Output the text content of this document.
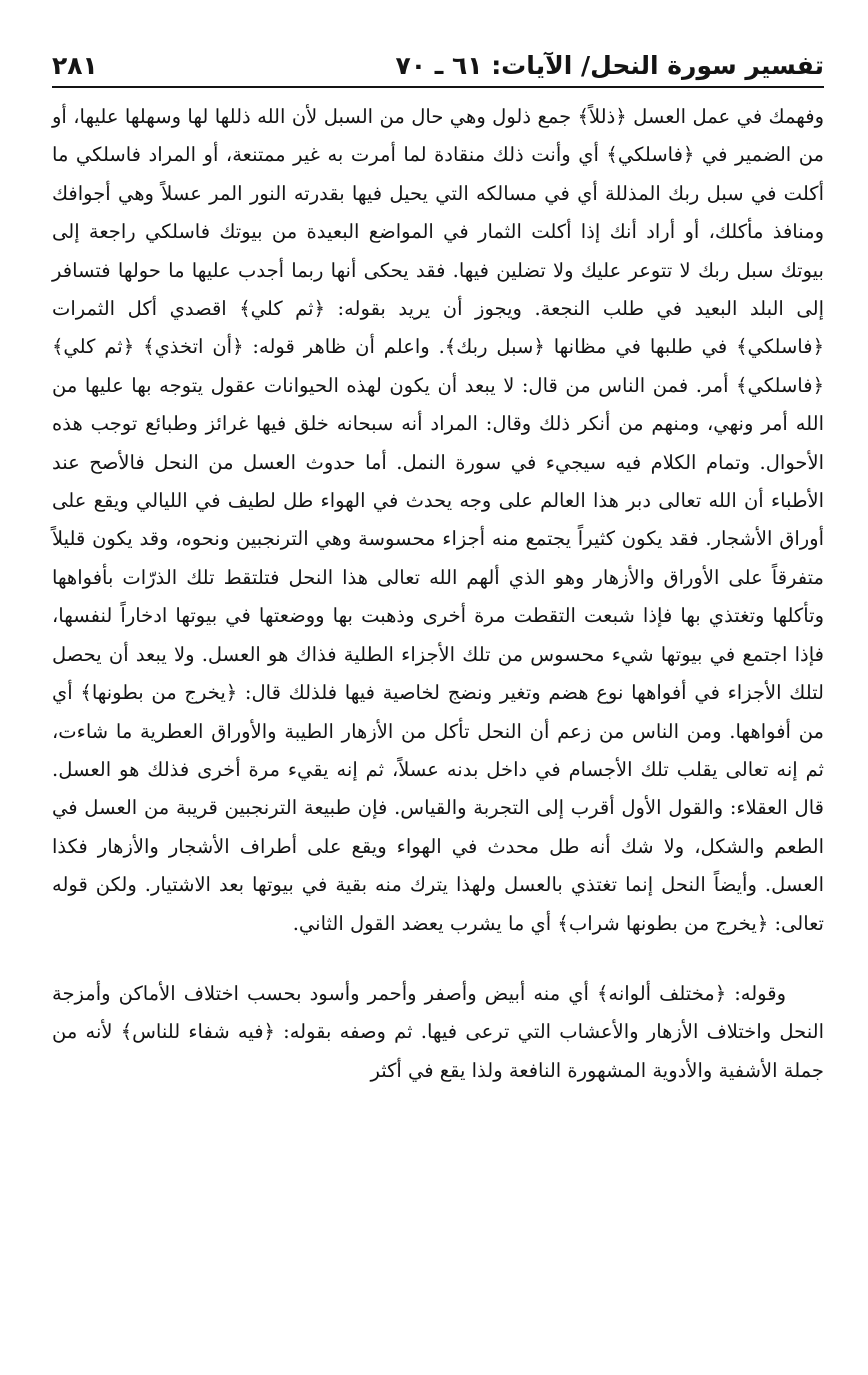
تفسير سورة النحل/ الآيات: ٦١ ـ ٧٠
٢٨١

وفهمك في عمل العسل ﴿ذللاً﴾ جمع ذلول وهي حال من السبل لأن الله ذللها لها وسهلها عليها، أو من الضمير في ﴿فاسلكي﴾ أي وأنت ذلك منقادة لما أمرت به غير ممتنعة، أو المراد فاسلكي ما أكلت في سبل ربك المذللة أي في مسالكه التي يحيل فيها بقدرته النور المر عسلاً وهي أجوافك ومنافذ مأكلك، أو أراد أنك إذا أكلت الثمار في المواضع البعيدة من بيوتك فاسلكي راجعة إلى بيوتك سبل ربك لا تتوعر عليك ولا تضلين فيها. فقد يحكى أنها ربما أجدب عليها ما حولها فتسافر إلى البلد البعيد في طلب النجعة. ويجوز أن يريد بقوله: ﴿ثم كلي﴾ اقصدي أكل الثمرات ﴿فاسلكي﴾ في طلبها في مظانها ﴿سبل ربك﴾. واعلم أن ظاهر قوله: ﴿أن اتخذي﴾ ﴿ثم كلي﴾ ﴿فاسلكي﴾ أمر. فمن الناس من قال: لا يبعد أن يكون لهذه الحيوانات عقول يتوجه بها عليها من الله أمر ونهي، ومنهم من أنكر ذلك وقال: المراد أنه سبحانه خلق فيها غرائز وطبائع توجب هذه الأحوال. وتمام الكلام فيه سيجيء في سورة النمل. أما حدوث العسل من النحل فالأصح عند الأطباء أن الله تعالى دبر هذا العالم على وجه يحدث في الهواء طل لطيف في الليالي ويقع على أوراق الأشجار. فقد يكون كثيراً يجتمع منه أجزاء محسوسة وهي الترنجبين ونحوه، وقد يكون قليلاً متفرقاً على الأوراق والأزهار وهو الذي ألهم الله تعالى هذا النحل فتلتقط تلك الذرّات بأفواهها وتأكلها وتغتذي بها فإذا شبعت التقطت مرة أخرى وذهبت بها ووضعتها في بيوتها ادخاراً لنفسها، فإذا اجتمع في بيوتها شيء محسوس من تلك الأجزاء الطلية فذاك هو العسل. ولا يبعد أن يحصل لتلك الأجزاء في أفواهها نوع هضم وتغير ونضج لخاصية فيها فلذلك قال: ﴿يخرج من بطونها﴾ أي من أفواهها. ومن الناس من زعم أن النحل تأكل من الأزهار الطيبة والأوراق العطرية ما شاءت، ثم إنه تعالى يقلب تلك الأجسام في داخل بدنه عسلاً، ثم إنه يقيء مرة أخرى فذلك هو العسل. قال العقلاء: والقول الأول أقرب إلى التجربة والقياس. فإن طبيعة الترنجبين قريبة من العسل في الطعم والشكل، ولا شك أنه طل محدث في الهواء ويقع على أطراف الأشجار والأزهار فكذا العسل. وأيضاً النحل إنما تغتذي بالعسل ولهذا يترك منه بقية في بيوتها بعد الاشتيار. ولكن قوله تعالى: ﴿يخرج من بطونها شراب﴾ أي ما يشرب يعضد القول الثاني.

وقوله: ﴿مختلف ألوانه﴾ أي منه أبيض وأصفر وأحمر وأسود بحسب اختلاف الأماكن وأمزجة النحل واختلاف الأزهار والأعشاب التي ترعى فيها. ثم وصفه بقوله: ﴿فيه شفاء للناس﴾ لأنه من جملة الأشفية والأدوية المشهورة النافعة ولذا يقع في أكثر
